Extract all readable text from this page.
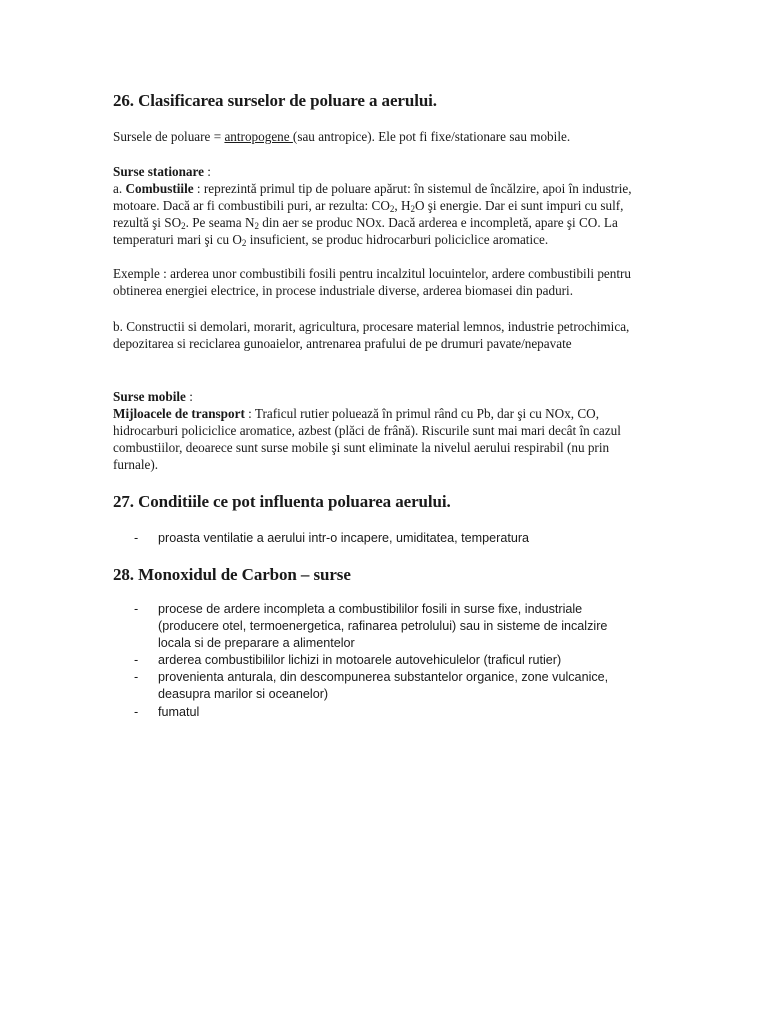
26. Clasificarea surselor de poluare a aerului.

Sursele de poluare = antropogene (sau antropice). Ele pot fi fixe/stationare sau mobile.

Surse stationare :

a. Combustiile : reprezintă primul tip de poluare apărut: în sistemul de încălzire, apoi în industrie, motoare. Dacă ar fi combustibili puri, ar rezulta: $CO_2$, $H_2O$ şi energie. Dar ei sunt impuri cu sulf, rezultă şi $SO_2$. Pe seama $N_2$ din aer se produc NOx. Dacă arderea e incompletă, apare şi CO. La temperaturi mari şi cu $O_2$ insuficient, se produc hidrocarburi policiclice aromatice.

Exemple : arderea unor combustibili fosili pentru incalzitul locuintelor, ardere combustibili pentru obtinerea energiei electrice, in procese industriale diverse, arderea biomasei din paduri.

b. Constructii si demolari, morarit, agricultura, procesare material lemnos, industrie petrochimica, depozitarea si reciclarea gunoaielor, antrenarea prafului de pe drumuri pavate/nepavate

Surse mobile :

Mijloacele de transport : Traficul rutier poluează în primul rând cu Pb, dar şi cu NOx, CO, hidrocarburi policiclice aromatice, azbest (plăci de frână). Riscurile sunt mai mari decât în cazul combustiilor, deoarece sunt surse mobile şi sunt eliminate la nivelul aerului respirabil (nu prin furnale).

27. Conditiile ce pot influenta poluarea aerului.
- proasta ventilatie a aerului intr-o incapere, umiditatea, temperatura
28. Monoxidul de Carbon – surse
- procese de ardere incompleta a combustibililor fosili in surse fixe, industriale (producere otel, termoenergetica, rafinarea petrolului) sau in sisteme de incalzire locala si de preparare a alimentelor
- arderea combustibililor lichizi in motoarele autovehiculelor (traficul rutier)
- provenienta anturala, din descompunerea substantelor organice, zone vulcanice, deasupra marilor si oceanelor)
- fumatul
